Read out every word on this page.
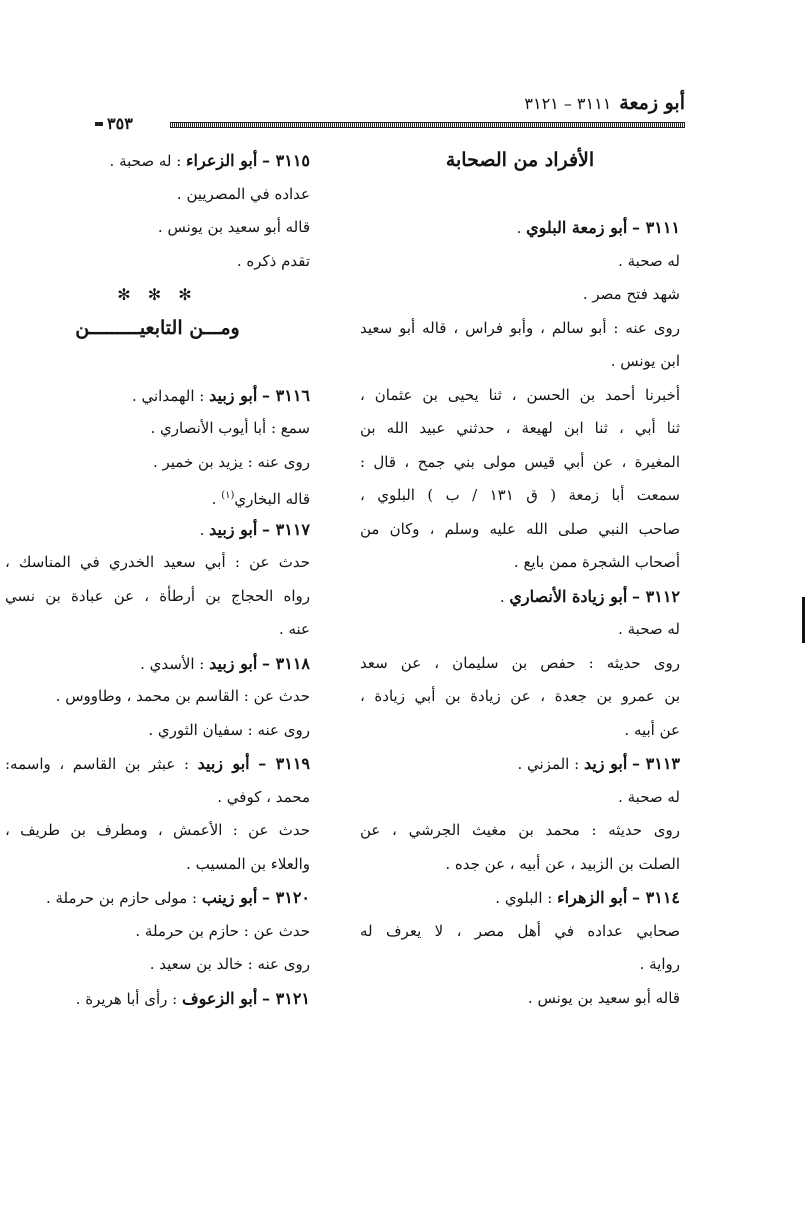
أبو زمعة٣١١١ – ٣١٢١
٣٥٣
الأفراد من الصحابة
٣١١١ – أبو زمعة البلوي .
له صحبة .
شهد فتح مصر .
روى عنه : أبو سالم ، وأبو فراس ، قاله أبو سعيد
ابن يونس .
أخبرنا أحمد بن الحسن ، ثنا يحيى بن عثمان ،
ثنا أبي ، ثنا ابن لهيعة ، حدثني عبيد الله بن
المغيرة ، عن أبي قيس مولى بني جمح ، قال :
سمعت أبا زمعة ( ق ١٣١ / ب ) البلوي ،
صاحب النبي صلى الله عليه وسلم ، وكان من
أصحاب الشجرة ممن بايع .
٣١١٢ – أبو زيادة الأنصاري .
له صحبة .
روى حديثه : حفص بن سليمان ، عن سعد
بن عمرو بن جعدة ، عن زيادة بن أبي زيادة ،
عن أبيه .
٣١١٣ – أبو زيد : المزني .
له صحبة .
روى حديثه : محمد بن مغيث الجرشي ، عن
الصلت بن الزبيد ، عن أبيه ، عن جده .
٣١١٤ – أبو الزهراء : البلوي .
صحابي عداده في أهل مصر ، لا يعرف له
رواية .
قاله أبو سعيد بن يونس .
٣١١٥ – أبو الزعراء : له صحبة .
عداده في المصريين .
قاله أبو سعيد بن يونس .
تقدم ذكره .
✻ ✻ ✻
ومـــن التابعيـــــــــن
٣١١٦ – أبو زبيد : الهمداني .
سمع : أبا أيوب الأنصاري .
روى عنه : يزيد بن خمير .
قاله البخاري$^{(١)}$ .
٣١١٧ – أبو زبيد .
حدث عن : أبي سعيد الخدري في المناسك ،
رواه الحجاج بن أرطأة ، عن عبادة بن نسي
عنه .
٣١١٨ – أبو زبيد : الأسدي .
حدث عن : القاسم بن محمد ، وطاووس .
روى عنه : سفيان الثوري .
٣١١٩ – أبو زبيد : عبثر بن القاسم ، واسمه:
محمد ، كوفي .
حدث عن : الأعمش ، ومطرف بن طريف ،
والعلاء بن المسيب .
٣١٢٠ – أبو زينب : مولى حازم بن حرملة .
حدث عن : حازم بن حرملة .
روى عنه : خالد بن سعيد .
٣١٢١ – أبو الزعوف : رأى أبا هريرة .
